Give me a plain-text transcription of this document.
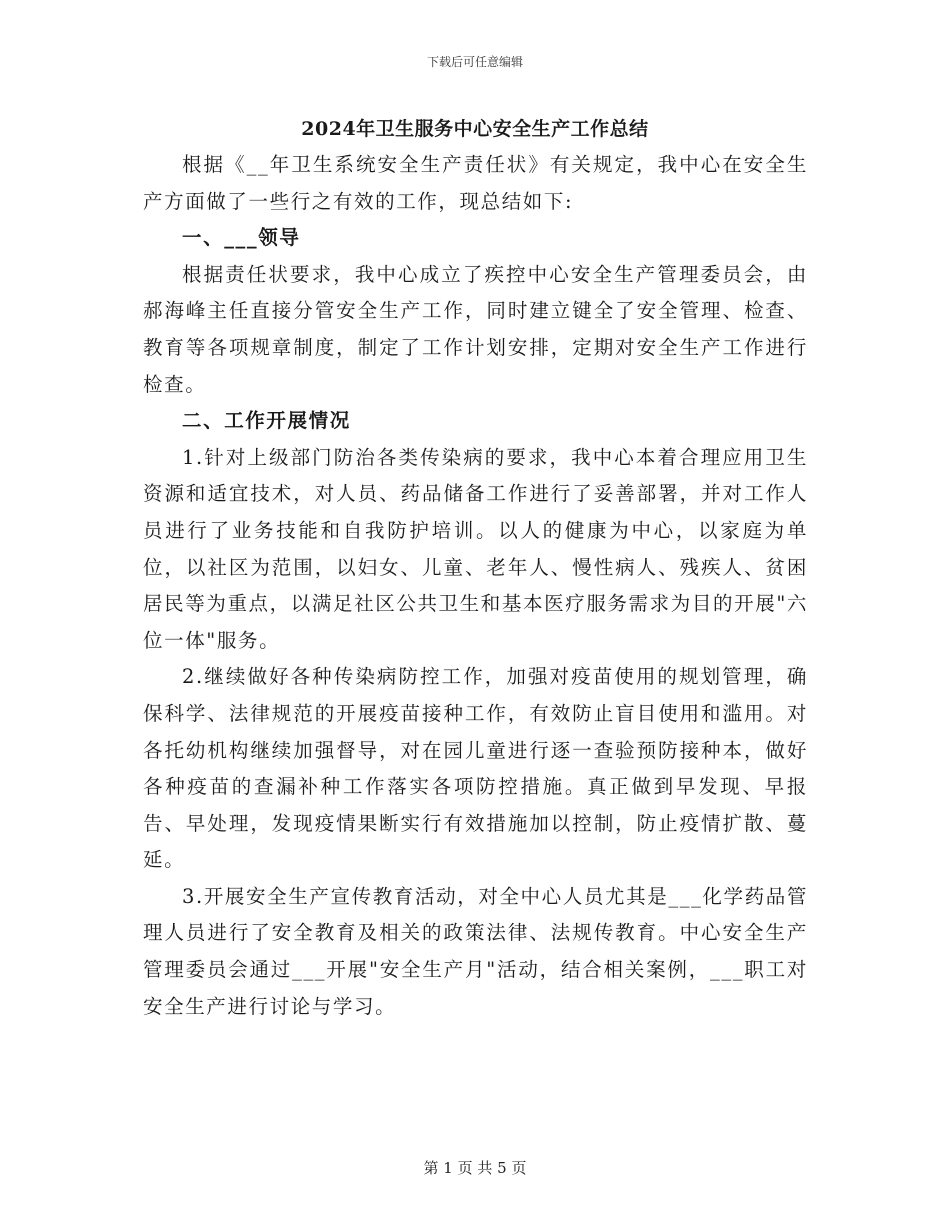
下载后可任意编辑
2024年卫生服务中心安全生产工作总结

根据《__年卫生系统安全生产责任状》有关规定，我中心在安全生产方面做了一些行之有效的工作，现总结如下:

一、___领导

根据责任状要求，我中心成立了疾控中心安全生产管理委员会，由郝海峰主任直接分管安全生产工作，同时建立键全了安全管理、检查、教育等各项规章制度，制定了工作计划安排，定期对安全生产工作进行检查。

二、工作开展情况

1.针对上级部门防治各类传染病的要求，我中心本着合理应用卫生资源和适宜技术，对人员、药品储备工作进行了妥善部署，并对工作人员进行了业务技能和自我防护培训。以人的健康为中心，以家庭为单位，以社区为范围，以妇女、儿童、老年人、慢性病人、残疾人、贫困居民等为重点，以满足社区公共卫生和基本医疗服务需求为目的开展"六位一体"服务。

2.继续做好各种传染病防控工作，加强对疫苗使用的规划管理，确保科学、法律规范的开展疫苗接种工作，有效防止盲目使用和滥用。对各托幼机构继续加强督导，对在园儿童进行逐一查验预防接种本，做好各种疫苗的查漏补种工作落实各项防控措施。真正做到早发现、早报告、早处理，发现疫情果断实行有效措施加以控制，防止疫情扩散、蔓延。

3.开展安全生产宣传教育活动，对全中心人员尤其是___化学药品管理人员进行了安全教育及相关的政策法律、法规传教育。中心安全生产管理委员会通过___开展"安全生产月"活动，结合相关案例，___职工对安全生产进行讨论与学习。

第 1 页 共 5 页
